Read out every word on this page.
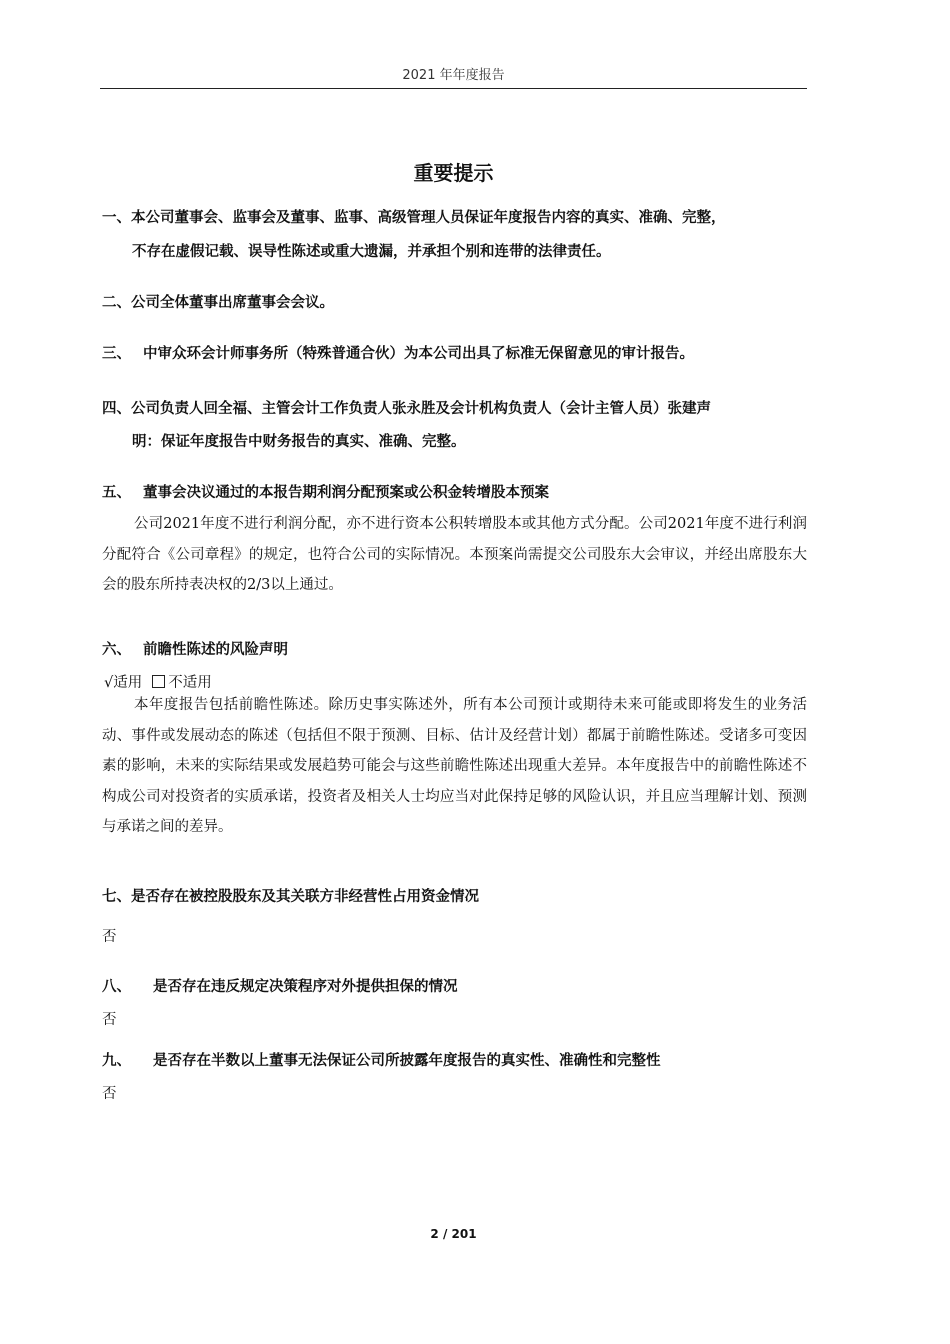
2021 年年度报告
重要提示
一、本公司董事会、监事会及董事、监事、高级管理人员保证年度报告内容的真实、准确、完整，
不存在虚假记载、误导性陈述或重大遗漏，并承担个别和连带的法律责任。
二、公司全体董事出席董事会会议。
三、 中审众环会计师事务所（特殊普通合伙）为本公司出具了标准无保留意见的审计报告。
四、公司负责人回全福、主管会计工作负责人张永胜及会计机构负责人（会计主管人员）张建声
明：保证年度报告中财务报告的真实、准确、完整。
五、 董事会决议通过的本报告期利润分配预案或公积金转增股本预案
公司2021年度不进行利润分配，亦不进行资本公积转增股本或其他方式分配。公司2021年度不进行利润分配符合《公司章程》的规定，也符合公司的实际情况。本预案尚需提交公司股东大会审议，并经出席股东大会的股东所持表决权的2/3以上通过。
六、 前瞻性陈述的风险声明
√适用 不适用
本年度报告包括前瞻性陈述。除历史事实陈述外，所有本公司预计或期待未来可能或即将发生的业务活动、事件或发展动态的陈述（包括但不限于预测、目标、估计及经营计划）都属于前瞻性陈述。受诸多可变因素的影响，未来的实际结果或发展趋势可能会与这些前瞻性陈述出现重大差异。本年度报告中的前瞻性陈述不构成公司对投资者的实质承诺，投资者及相关人士均应当对此保持足够的风险认识，并且应当理解计划、预测与承诺之间的差异。
七、是否存在被控股股东及其关联方非经营性占用资金情况
否
八、 是否存在违反规定决策程序对外提供担保的情况
否
九、 是否存在半数以上董事无法保证公司所披露年度报告的真实性、准确性和完整性
否
2 / 201
